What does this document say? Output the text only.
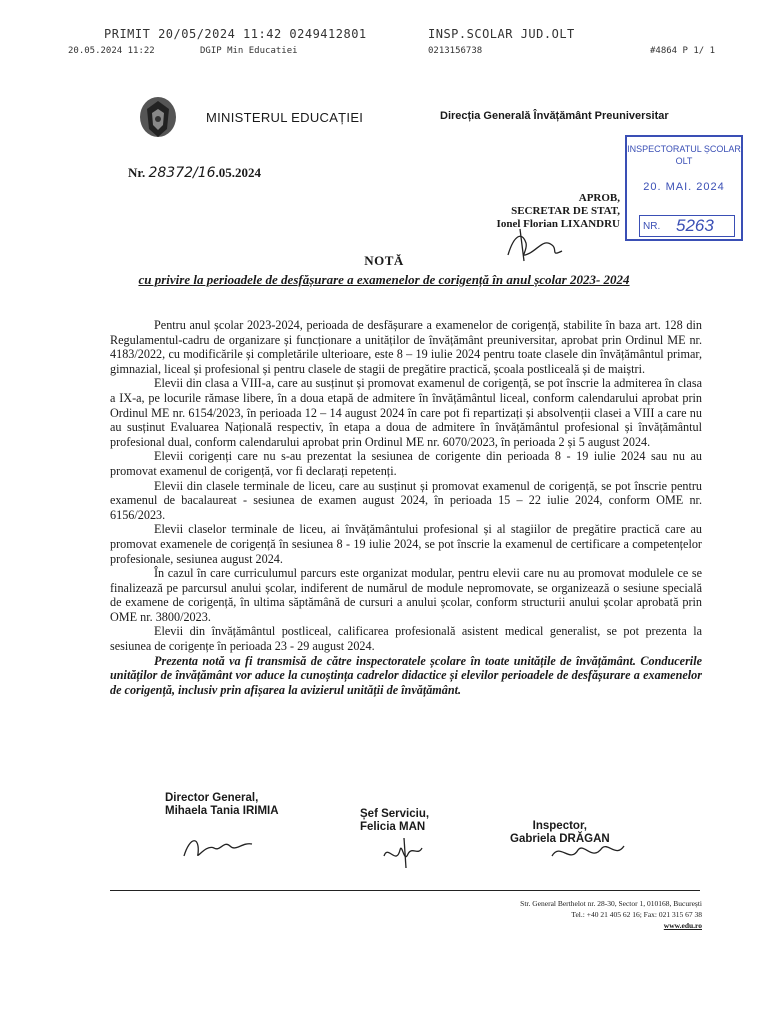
PRIMIT 20/05/2024 11:42 0249412801	INSP.SCOLAR JUD.OLT
20.05.2024 11:22	DGIP Min Educatiei	0213156738	#4864 P 1/ 1
MINISTERUL EDUCAȚIEI	Direcția Generală Învățământ Preuniversitar
Nr. 28372/16.05.2024
INSPECTORATUL ȘCOLAR OLT
20. MAI. 2024
NR. 5263
APROB,
SECRETAR DE STAT,
Ionel Florian LIXANDRU
NOTĂ
cu privire la perioadele de desfășurare a examenelor de corigență în anul școlar 2023- 2024

Pentru anul școlar 2023-2024, perioada de desfășurare a examenelor de corigență, stabilite în baza art. 128 din Regulamentul-cadru de organizare și funcționare a unităților de învățământ preuniversitar, aprobat prin Ordinul ME nr. 4183/2022, cu modificările și completările ulterioare, este 8 – 19 iulie 2024 pentru toate clasele din învățământul primar, gimnazial, liceal și profesional și pentru clasele de stagii de pregătire practică, școala postliceală și de maiștri.

Elevii din clasa a VIII-a, care au susținut și promovat examenul de corigență, se pot înscrie la admiterea în clasa a IX-a, pe locurile rămase libere, în a doua etapă de admitere în învățământul liceal, conform calendarului aprobat prin Ordinul ME nr. 6154/2023, în perioada 12 – 14 august 2024 în care pot fi repartizați și absolvenții clasei a VIII a care nu au susținut Evaluarea Națională respectiv, în etapa a doua de admitere în învățământul profesional și învățământul profesional dual, conform calendarului aprobat prin Ordinul ME nr. 6070/2023, în perioada 2 și 5 august 2024.

Elevii corigenți care nu s-au prezentat la sesiunea de corigente din perioada 8 - 19 iulie 2024 sau nu au promovat examenul de corigență, vor fi declarați repetenți.

Elevii din clasele terminale de liceu, care au susținut și promovat examenul de corigență, se pot înscrie pentru examenul de bacalaureat - sesiunea de examen august 2024, în perioada 15 – 22 iulie 2024, conform OME nr. 6156/2023.

Elevii claselor terminale de liceu, ai învățământului profesional și al stagiilor de pregătire practică care au promovat examenele de corigență în sesiunea 8 - 19 iulie 2024, se pot înscrie la examenul de certificare a competențelor profesionale, sesiunea august 2024.

În cazul în care curriculumul parcurs este organizat modular, pentru elevii care nu au promovat modulele ce se finalizează pe parcursul anului școlar, indiferent de numărul de module nepromovate, se organizează o sesiune specială de examene de corigență, în ultima săptămână de cursuri a anului școlar, conform structurii anului școlar aprobată prin OME nr. 3800/2023.

Elevii din învățământul postliceal, calificarea profesională asistent medical generalist, se pot prezenta la sesiunea de corigențe în perioada 23 - 29 august 2024.

Prezenta notă va fi transmisă de către inspectoratele școlare în toate unitățile de învățământ. Conducerile unităților de învățământ vor aduce la cunoștința cadrelor didactice și elevilor perioadele de desfășurare a examenelor de corigență, inclusiv prin afișarea la avizierul unității de învățământ.

Director General,
Mihaela Tania IRIMIA	Șef Serviciu,
Felicia MAN	Inspector,
Gabriela DRĂGAN
Str. General Berthelot nr. 28-30, Sector 1, 010168, București
Tel.: +40 21 405 62 16; Fax: 021 315 67 38
www.edu.ro
